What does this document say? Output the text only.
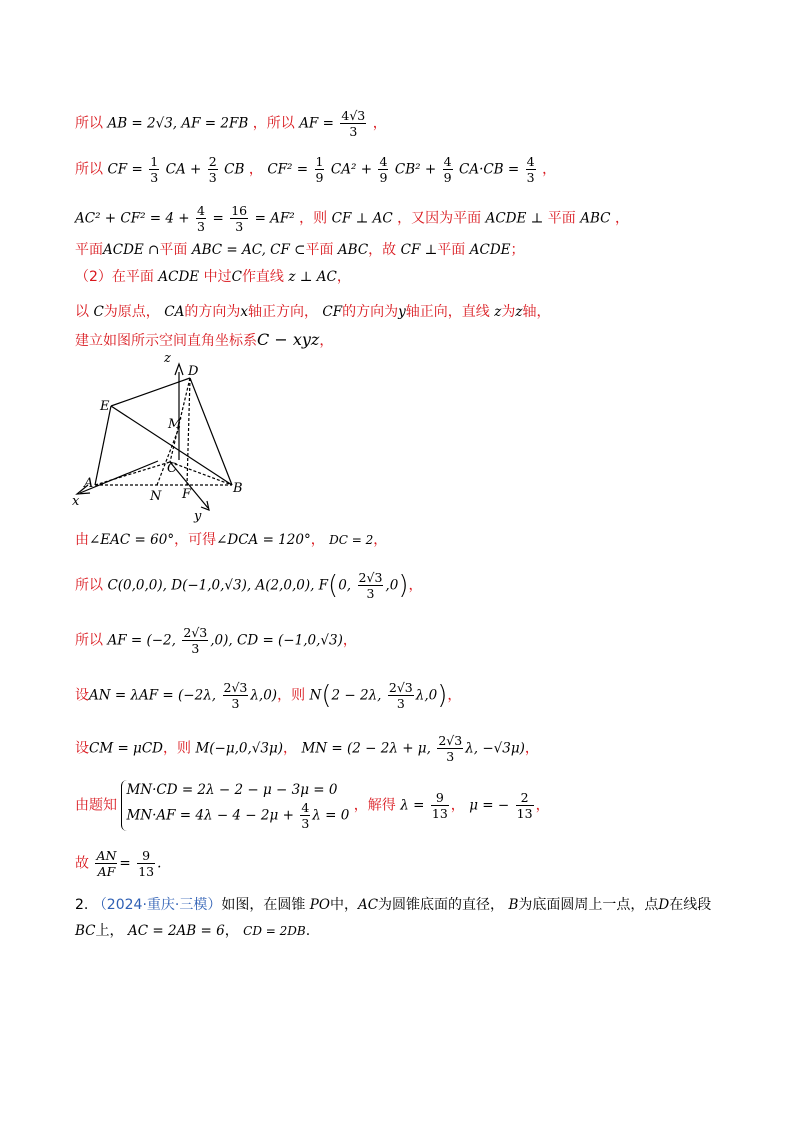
所以 AB = 2√3, AF = 2FB ，所以 AF = $\frac{4√3}{3}$ ，
所以 CF = $\frac{1}{3}$ CA + $\frac{2}{3}$ CB ， $CF^2 = \frac{1}{9} CA^2 + \frac{4}{9} CB^2 + \frac{4}{9} CA\cdot CB = \frac{4}{3}$ ，
$AC^2 + CF^2 = 4 + \frac{4}{3} = \frac{16}{3} = AF^2$ ，则 CF ⊥ AC ，又因为平面 ACDE ⊥ 平面 ABC ，
平面ACDE ∩平面 ABC = AC, CF ⊂平面 ABC，故 CF ⊥平面 ACDE；
（2）在平面 ACDE 中过C作直线 z ⊥ AC，
以 C为原点， CA的方向为x轴正方向， CF的方向为y轴正向，直线 z为z轴，
建立如图所示空间直角坐标系C − xyz，
z
D
E
M
C
A
N F	B
x
y
由∠EAC = 60°，可得∠DCA = 120°， DC = 2，
所以 C(0,0,0), D(−1,0,√3), A(2,0,0), F(0, $\frac{2√3}{3} ,0$)，
所以 AF = (−2, $\frac{2√3}{3} ,0$), CD = (−1,0,√3)，
设AN = λAF = (−2λ, $\frac{2√3}{3} \lambda,0$)，则 N(2 − 2λ, $\frac{2√3}{3} \lambda,0$)，
设CM = μCD，则 M(−μ,0,√3μ)， MN = (2 − 2λ + μ, $\frac{2√3}{3} \lambda$, −√3μ)，
由题知
MN·CD = 2λ − 2 − μ − 3μ = 0
$MN\cdot AF = 4\lambda - 4 - 2\mu + \frac{4}{3}$ λ = 0
，解得 $\lambda = \frac{9}{13}$ ， μ = − $\frac{2}{13}$ ，
故 $\frac{AN}{AF} = \frac{9}{13}$ .
2. （2024·重庆·三模）如图，在圆锥 PO中，AC为圆锥底面的直径， B为底面圆周上一点，点D在线段
BC上， AC = 2AB = 6， CD = 2DB.
